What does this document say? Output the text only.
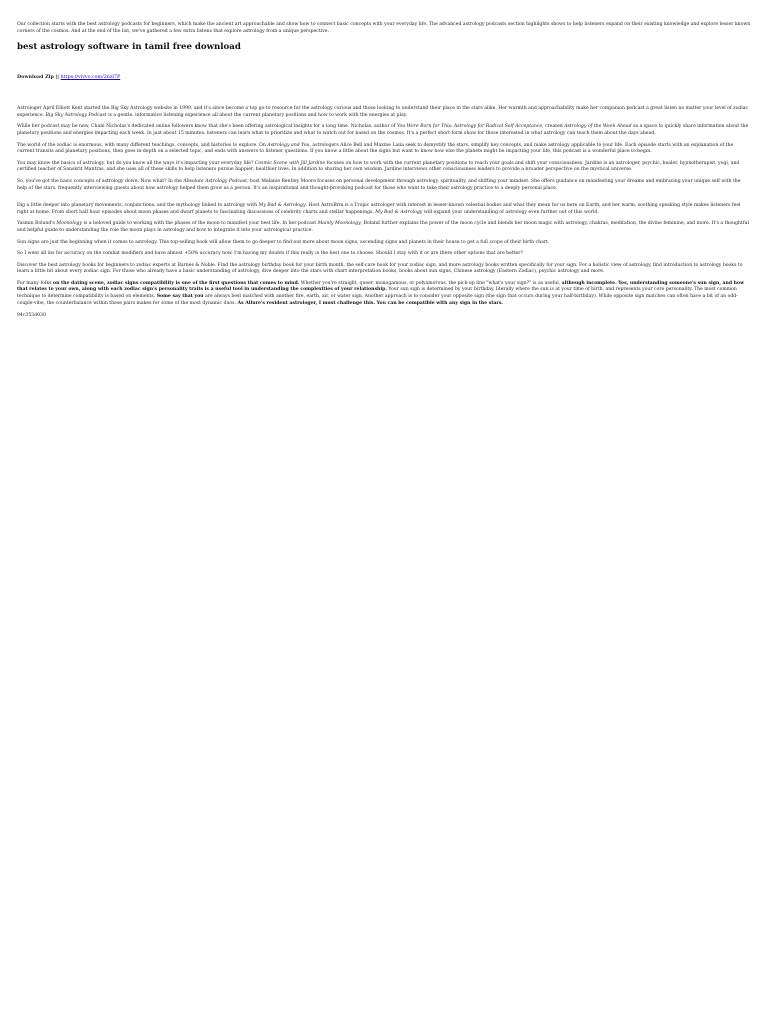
Our collection starts with the best astrology podcasts for beginners, which make the ancient art approachable and show how to connect basic concepts with your everyday life. The advanced astrology podcasts section highlights shows to help listeners expand on their existing knowledge and explore lesser known corners of the cosmos. And at the end of the list, we've gathered a few extra listens that explore astrology from a unique perspective.

best astrology software in tamil free download
Download Zip || https://vivvo.com/2nzl7P

Astrologer April Elliott Kent started the Big Sky Astrology website in 1999, and it's since become a top go-to resource for the astrology curious and those looking to understand their place in the stars alike. Her warmth and approachability make her companion podcast a great listen no matter your level of zodiac experience. Big Sky Astrology Podcast is a gentle, informative listening experience all about the current planetary positions and how to work with the energies at play.

While her podcast may be new, Chani Nicholas's dedicated online followers know that she's been offering astrological insights for a long time. Nicholas, author of You Were Born for This: Astrology for Radical Self-Acceptance, created Astrology of the Week Ahead as a space to quickly share information about the planetary positions and energies impacting each week. In just about 15 minutes, listeners can learn what to prioritize and what to watch out for based on the cosmos. It's a perfect short-form show for those interested in what astrology can teach them about the days ahead.

The world of the zodiac is enormous, with many different teachings, concepts, and histories to explore. On Astrology and You, astrologers Alice Bell and Maxine Laiia seek to demystify the stars, simplify key concepts, and make astrology applicable to your life. Each episode starts with an explanation of the current transits and planetary positions, then goes in-depth on a selected topic, and ends with answers to listener questions. If you know a little about the signs but want to know how else the planets might be impacting your life, this podcast is a wonderful place to begin.

You may know the basics of astrology, but do you know all the ways it's impacting your everyday life? Cosmic Scene with Jill Jardine focuses on how to work with the current planetary positions to reach your goals and shift your consciousness. Jardine is an astrologer, psychic, healer, hypnotherapist, yogi, and certified teacher of Sanskrit Mantras, and she uses all of these skills to help listeners pursue happier, healthier lives. In addition to sharing her own wisdom, Jardine interviews other consciousness leaders to provide a broader perspective on the mystical universe.

So, you've got the basic concepts of astrology down. Now what? In the Absolute Astrology Podcast, host Melanie Bentley Moore focuses on personal development through astrology, spirituality, and shifting your mindset. She offers guidance on manifesting your dreams and embracing your unique self with the help of the stars, frequently interviewing guests about how astrology helped them grow as a person. It's an inspirational and thought-provoking podcast for those who want to take their astrology practice to a deeply personal place.

Dig a little deeper into planetary movements, conjunctions, and the mythology linked to astrology with My Bad & Astrology. Host AstroBrm is a Tropic astrologer with interest in lesser-known celestial bodies and what they mean for us here on Earth, and her warm, soothing speaking style makes listeners feel right at home. From short half hour episodes about moon phases and dwarf planets to fascinating discussions of celebrity charts and stellar happenings, My Bad & Astrology will expand your understanding of astrology even further out of this world.

Yasmin Boland's Moonology is a beloved guide to working with the phases of the moon to manifest your best life. In her podcast Mainly Moonology, Boland further explains the power of the moon cycle and blends her moon magic with astrology, chakras, meditation, the divine feminine, and more. It's a thoughtful and helpful guide to understanding the role the moon plays in astrology and how to integrate it into your astrological practice.

Sun signs are just the beginning when it comes to astrology. This top-selling book will allow them to go deeper to find out more about moon signs, ascending signs and planets in their house to get a full scope of their birth chart.

So I went all ins for accuracy on the combat modifiers and have almost +50% accuracy now. I'm having my doubts if this really is the best one to choose. Should I stay with it or are there other options that are better?

Discover the best astrology books for beginners to zodiac experts at Barnes & Noble. Find the astrology birthday book for your birth month, the self-care book for your zodiac sign, and more astrology books written specifically for your sign. For a holistic view of astrology, find introduction to astrology books to learn a little bit about every zodiac sign. For those who already have a basic understanding of astrology, dive deeper into the stars with chart interpretation books, books about sun signs, Chinese astrology (Eastern Zodiac), psychic astrology and more.

For many folks on the dating scene, zodiac signs compatibility is one of the first questions that comes to mind. Whether you're straight, queer, monogamous, or polyamorous, the pick-up line "what's your sign?" is as useful, although incomplete. Yes, understanding someone's sun sign, and how that relates to your own, along with each zodiac sign's personality traits is a useful tool in understanding the complexities of your relationship. Your sun sign is determined by your birthday, literally where the sun is at your time of birth, and represents your core personality. The most common technique to determine compatibility is based on elements. Some say that you are always best matched with another fire, earth, air, or water sign. Another approach is to consider your opposite sign (the sign that occurs during your half-birthday). While opposite sign matches can often have a bit of an odd-couple-vibe, the counterbalance within these pairs makes for some of the most dynamic duos. As Allure's resident astrologer, I must challenge this. You can be compatible with any sign in the stars.

94c353d030
